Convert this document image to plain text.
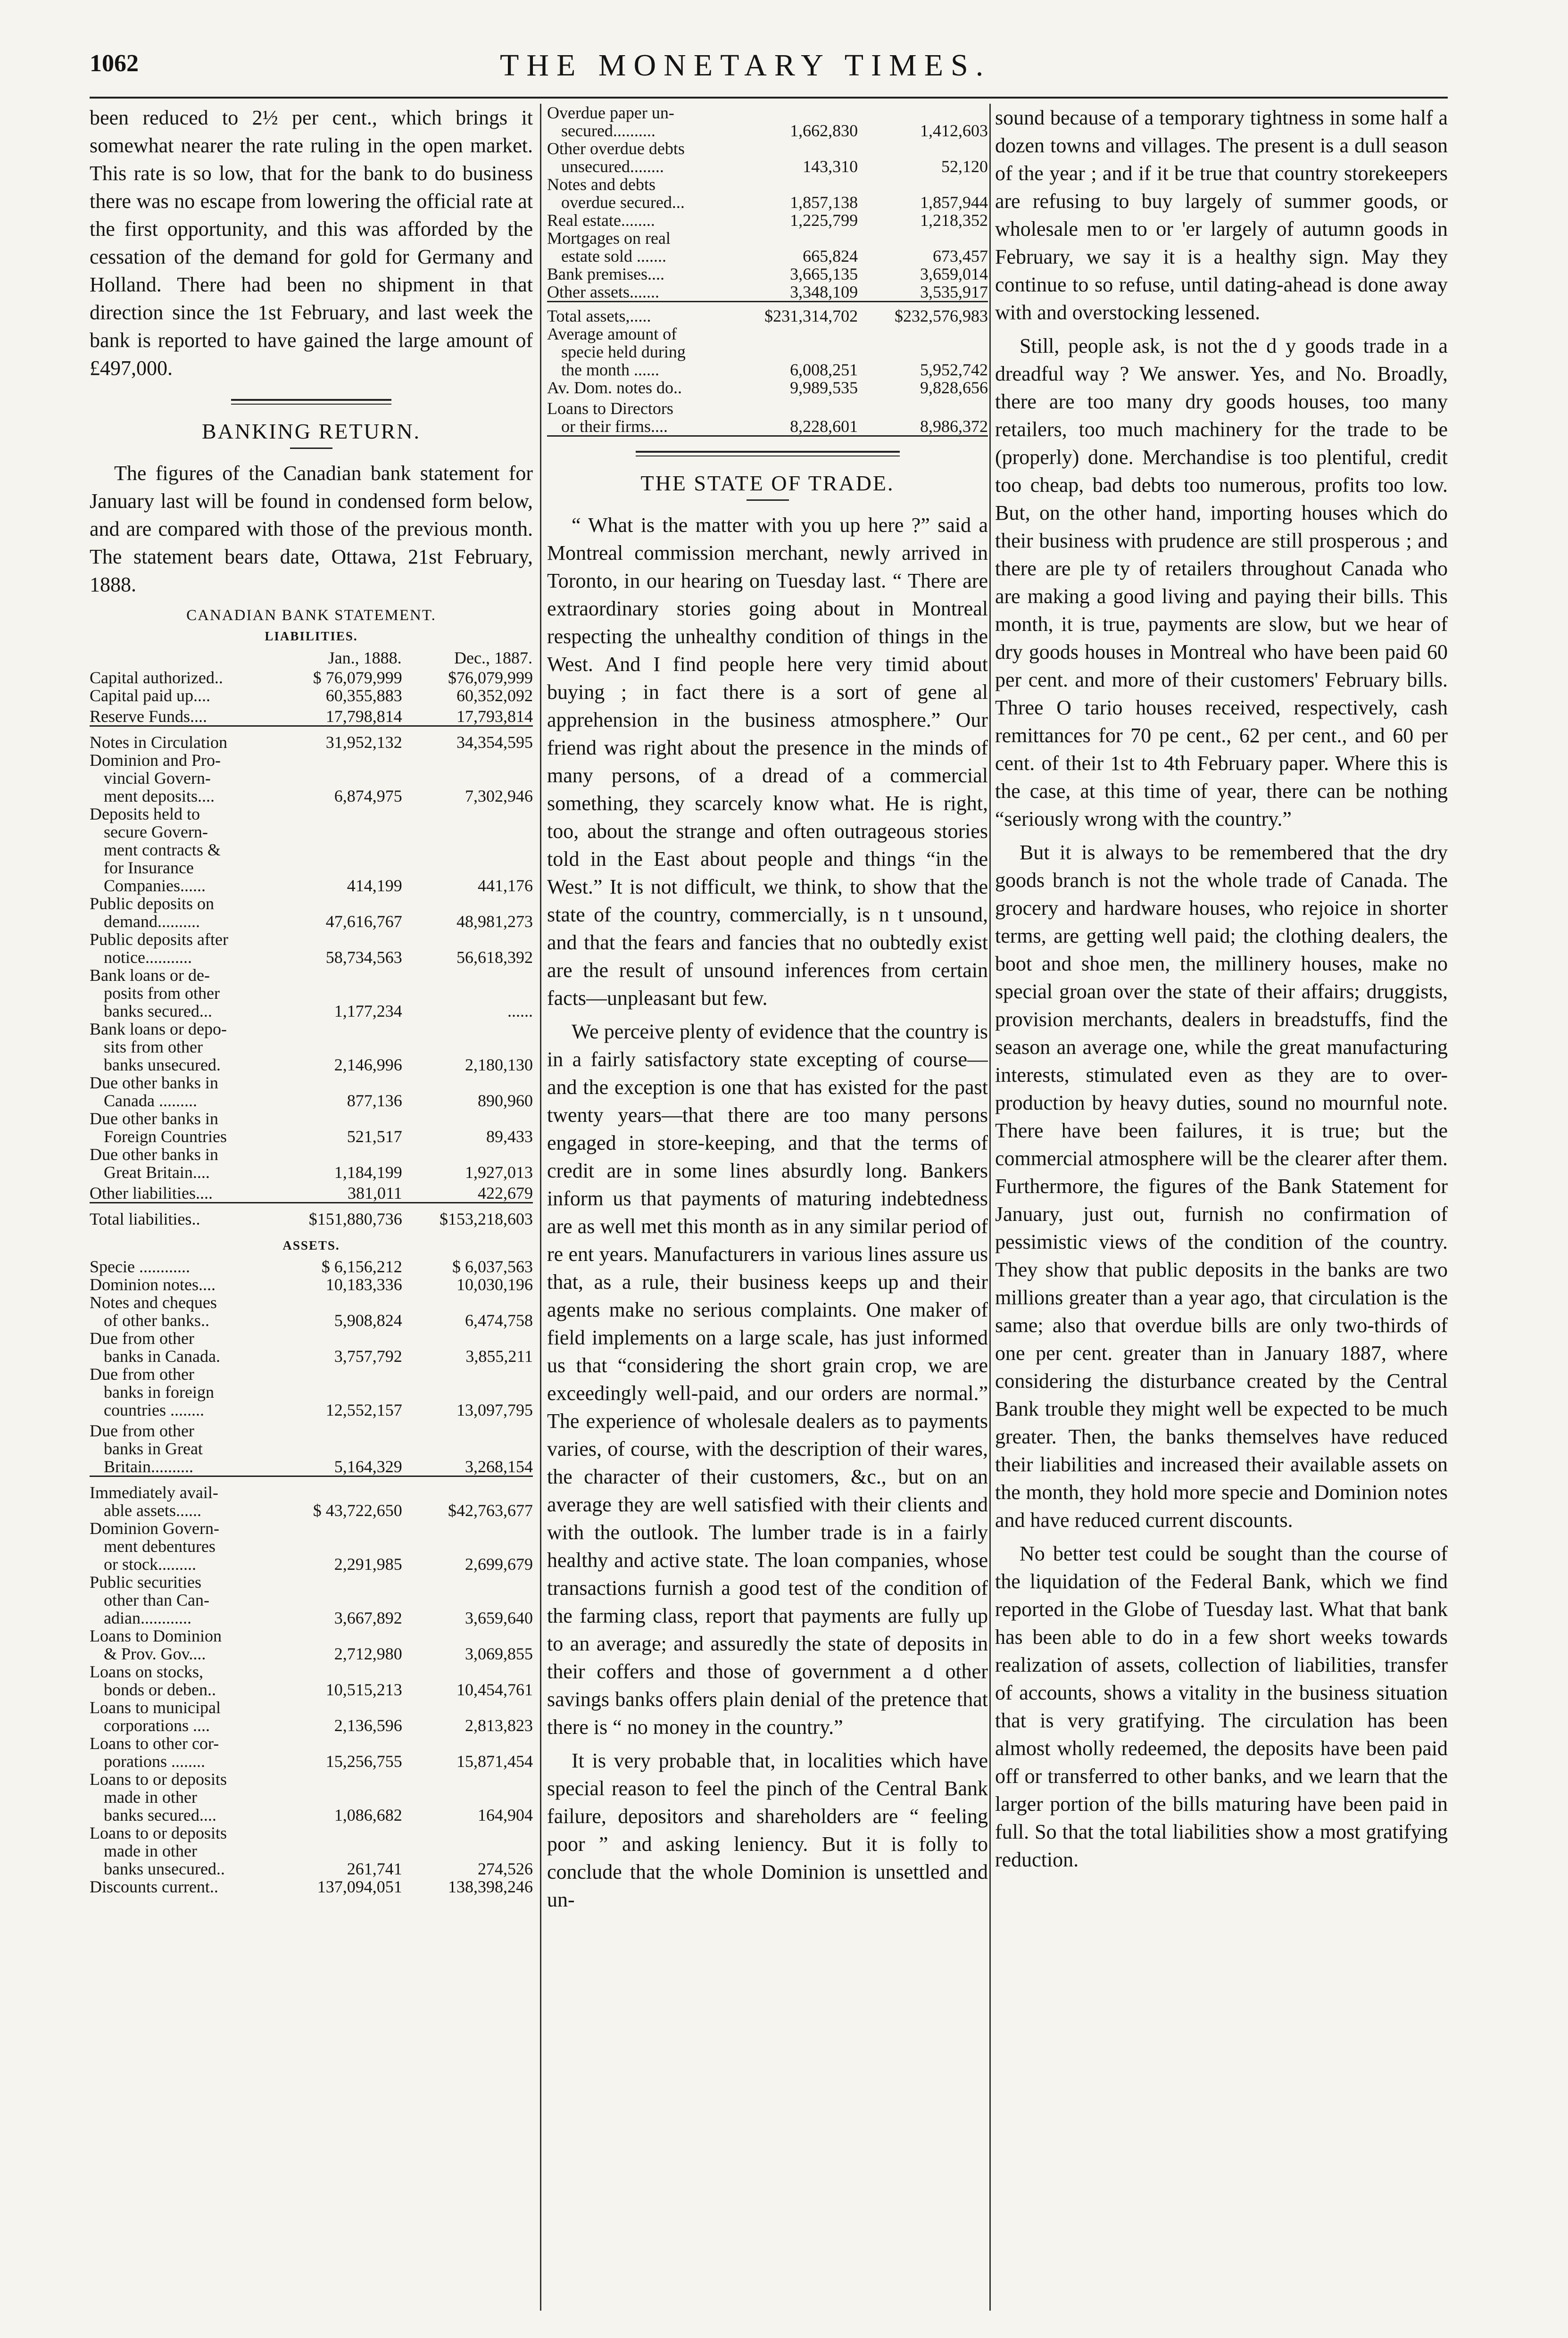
1062	THE MONETARY TIMES.

been reduced to 2½ per cent., which brings it somewhat nearer the rate ruling in the open market. This rate is so low, that for the bank to do business there was no escape from lowering the official rate at the first opportunity, and this was afforded by the cessation of the demand for gold for Germany and Holland. There had been no shipment in that direction since the 1st February, and last week the bank is reported to have gained the large amount of £497,000.

BANKING RETURN.

The figures of the Canadian bank statement for January last will be found in condensed form below, and are compared with those of the previous month. The statement bears date, Ottawa, 21st February, 1888.

CANADIAN BANK STATEMENT.
LIABILITIES.
	Jan., 1888.	Dec., 1887.

Capital authorized..	$ 76,079,999	$76,079,999

Capital paid up....	60,355,883	60,352,092

Reserve Funds....	17,798,814	17,793,814

Notes in Circulation	31,952,132	34,354,595

Dominion and Pro-
vincial Govern-
ment deposits....	6,874,975	7,302,946

Deposits held to
secure Govern-
ment contracts &
for Insurance
Companies......	414,199	441,176

Public deposits on
demand..........	47,616,767	48,981,273

Public deposits after
notice...........	58,734,563	56,618,392

Bank loans or de-
posits from other
banks secured...	1,177,234	......

Bank loans or depo-
sits from other
banks unsecured.	2,146,996	2,180,130

Due other banks in
Canada .........	877,136	890,960

Due other banks in
Foreign Countries	521,517	89,433

Due other banks in
Great Britain....	1,184,199	1,927,013

Other liabilities....	381,011	422,679
Total liabilities..	$151,880,736	$153,218,603
ASSETS.
Specie ............	$ 6,156,212	$ 6,037,563

Dominion notes....	10,183,336	10,030,196

Notes and cheques
of other banks..	5,908,824	6,474,758

Due from other
banks in Canada.	3,757,792	3,855,211

Due from other
banks in foreign
countries ........	12,552,157	13,097,795

Due from other
banks in Great
Britain..........	5,164,329	3,268,154

Immediately avail-
able assets......	$ 43,722,650	$42,763,677

Dominion Govern-
ment debentures
or stock.........	2,291,985	2,699,679

Public securities
other than Can-
adian............	3,667,892	3,659,640

Loans to Dominion
& Prov. Gov....	2,712,980	3,069,855

Loans on stocks,
bonds or deben..	10,515,213	10,454,761

Loans to municipal
corporations ....	2,136,596	2,813,823

Loans to other cor-
porations ........	15,256,755	15,871,454

Loans to or deposits
made in other
banks secured....	1,086,682	164,904

Loans to or deposits
made in other
banks unsecured..	261,741	274,526

Discounts current..	137,094,051	138,398,246
Overdue paper un-
secured..........	1,662,830	1,412,603

Other overdue debts
unsecured........	143,310	52,120

Notes and debts
overdue secured...	1,857,138	1,857,944

Real estate........	1,225,799	1,218,352

Mortgages on real
estate sold .......	665,824	673,457

Bank premises....	3,665,135	3,659,014

Other assets.......	3,348,109	3,535,917
Total assets,.....	$231,314,702	$232,576,983

Average amount of
specie held during
the month ......	6,008,251	5,952,742

Av. Dom. notes do..	9,989,535	9,828,656

Loans to Directors
or their firms....	8,228,601	8,986,372
THE STATE OF TRADE.

“ What is the matter with you up here ?” said a Montreal commission merchant, newly arrived in Toronto, in our hearing on Tuesday last. “ There are extraordinary stories going about in Montreal respecting the unhealthy condition of things in the West. And I find people here very timid about buying ; in fact there is a sort of gene al apprehension in the business atmosphere.” Our friend was right about the presence in the minds of many persons, of a dread of a commercial something, they scarcely know what. He is right, too, about the strange and often outrageous stories told in the East about people and things “in the West.” It is not difficult, we think, to show that the state of the country, commercially, is n t unsound, and that the fears and fancies that no oubtedly exist are the result of unsound inferences from certain facts—unpleasant but few.

We perceive plenty of evidence that the country is in a fairly satisfactory state excepting of course—and the exception is one that has existed for the past twenty years—that there are too many persons engaged in store-keeping, and that the terms of credit are in some lines absurdly long. Bankers inform us that payments of maturing indebtedness are as well met this month as in any similar period of re ent years. Manufacturers in various lines assure us that, as a rule, their business keeps up and their agents make no serious complaints. One maker of field implements on a large scale, has just informed us that “considering the short grain crop, we are exceedingly well-paid, and our orders are normal.” The experience of wholesale dealers as to payments varies, of course, with the description of their wares, the character of their customers, &c., but on an average they are well satisfied with their clients and with the outlook. The lumber trade is in a fairly healthy and active state. The loan companies, whose transactions furnish a good test of the condition of the farming class, report that payments are fully up to an average; and assuredly the state of deposits in their coffers and those of government a d other savings banks offers plain denial of the pretence that there is “ no money in the country.”

It is very probable that, in localities which have special reason to feel the pinch of the Central Bank failure, depositors and shareholders are “ feeling poor ” and asking leniency. But it is folly to conclude that the whole Dominion is unsettled and un-

sound because of a temporary tightness in some half a dozen towns and villages. The present is a dull season of the year ; and if it be true that country storekeepers are refusing to buy largely of summer goods, or wholesale men to or 'er largely of autumn goods in February, we say it is a healthy sign. May they continue to so refuse, until dating-ahead is done away with and overstocking lessened.

Still, people ask, is not the d y goods trade in a dreadful way ? We answer. Yes, and No. Broadly, there are too many dry goods houses, too many retailers, too much machinery for the trade to be (properly) done. Merchandise is too plentiful, credit too cheap, bad debts too numerous, profits too low. But, on the other hand, importing houses which do their business with prudence are still prosperous ; and there are ple ty of retailers throughout Canada who are making a good living and paying their bills. This month, it is true, payments are slow, but we hear of dry goods houses in Montreal who have been paid 60 per cent. and more of their customers' February bills. Three O tario houses received, respectively, cash remittances for 70 pe cent., 62 per cent., and 60 per cent. of their 1st to 4th February paper. Where this is the case, at this time of year, there can be nothing “seriously wrong with the country.”

But it is always to be remembered that the dry goods branch is not the whole trade of Canada. The grocery and hardware houses, who rejoice in shorter terms, are getting well paid; the clothing dealers, the boot and shoe men, the millinery houses, make no special groan over the state of their affairs; druggists, provision merchants, dealers in breadstuffs, find the season an average one, while the great manufacturing interests, stimulated even as they are to over-production by heavy duties, sound no mournful note. There have been failures, it is true; but the commercial atmosphere will be the clearer after them. Furthermore, the figures of the Bank Statement for January, just out, furnish no confirmation of pessimistic views of the condition of the country. They show that public deposits in the banks are two millions greater than a year ago, that circulation is the same; also that overdue bills are only two-thirds of one per cent. greater than in January 1887, where considering the disturbance created by the Central Bank trouble they might well be expected to be much greater. Then, the banks themselves have reduced their liabilities and increased their available assets on the month, they hold more specie and Dominion notes and have reduced current discounts.

No better test could be sought than the course of the liquidation of the Federal Bank, which we find reported in the Globe of Tuesday last. What that bank has been able to do in a few short weeks towards realization of assets, collection of liabilities, transfer of accounts, shows a vitality in the business situation that is very gratifying. The circulation has been almost wholly redeemed, the deposits have been paid off or transferred to other banks, and we learn that the larger portion of the bills maturing have been paid in full. So that the total liabilities show a most gratifying reduction.
